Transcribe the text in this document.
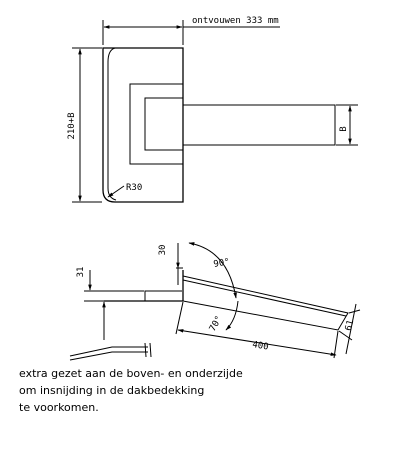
ontvouwen 333 mm
210+B	B
R30
30
31
90°
70°
400
61
extra gezet aan de boven- en onderzijde
om insnijding in de dakbedekking
te voorkomen.
